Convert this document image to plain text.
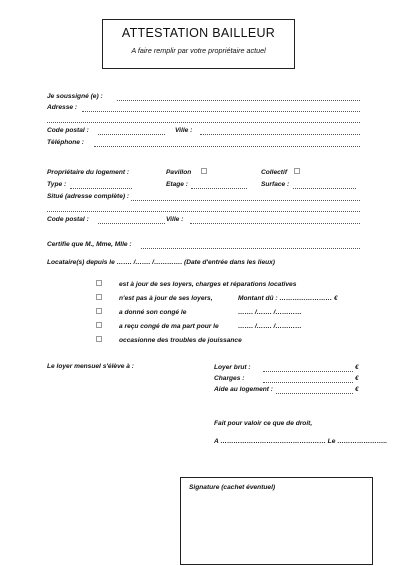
ATTESTATION BAILLEUR
A faire remplir par votre propriétaire actuel
Je soussigné (e) :
Adresse :
Code postal :	Ville :
Téléphone :
Propriétaire du logement :	Pavillon	Collectif
Type :	Etage :	Surface :
Situé (adresse complète) :
Code postal :	Ville :
Certifie que M., Mme, Mlle :
Locataire(s) depuis le ……. /……. /…………. (Date d'entrée dans les lieux)
est à jour de ses loyers, charges et réparations locatives
n'est pas à jour de ses loyers,	Montant dû : …………………… €
a donné son congé le	……. /……. /…………
a reçu congé de ma part pour le	……. /……. /…………
occasionne des troubles de jouissance
Le loyer mensuel s'élève à :	Loyer brut :	€
Charges :	€
Aide au logement :	€
Fait pour valoir ce que de droit,
A ………………………………………… Le …………………..
Signature (cachet éventuel)
